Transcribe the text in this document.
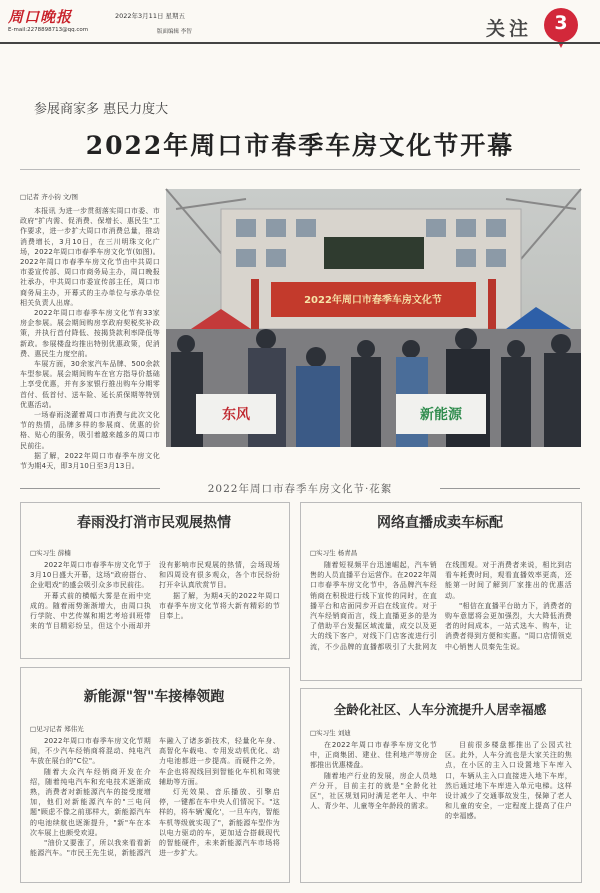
周口晚报
E-mail:2278898713@qq.com
2022年3月11日 星期五
版面编辑 李智	关注 3
参展商家多 惠民力度大
2022年周口市春季车房文化节开幕
□记者 齐小钧 文/图

本报讯 为进一步贯彻落实周口市委、市政府"扩内需、促消费、保增长、惠民生"工作要求，进一步扩大周口市消费总量，推动消费增长，3月10日，在三川明珠文化广场，2022年周口市春季车房文化节(如图)。2022年周口市春季车房文化节由中共周口市委宣传部、周口市商务局主办，周口晚报社承办，中共周口市委宣传部主任，周口市商务局主办，开幕式的主办单位与承办单位相关负责人出席。

2022年周口市春季车房文化节有33家房企参展。展会期间购房享政府契税奖补政策，并执行首付降低、按揭贷款利率降低等新政。参展楼盘均推出特别优惠政策，促消费、惠民生力度空前。

车展方面，30余家汽车品牌、500余款车型参展。展会期间购车在官方指导价基础上享受优惠，并有多家银行推出购车分期零首付、低首付、送车险、延长质保期等特别优惠活动。

一场春雨浇灌着周口市消费与此次文化节的热情，品牌多样的参展商、优惠的价格、贴心的服务，吸引着越来越多的周口市民前往。

据了解，2022年周口市春季车房文化节为期4天，即3月10日至3月13日。

2022年周口市春季车房文化节
东风	新能源
2022年周口市春季车房文化节·花絮
春雨没打消市民观展热情
□实习生 薛楠

2022年周口市春季车房文化节于3月10日盛大开幕，这场"政府搭台、企业唱戏"的盛会吸引众多市民前往。

开幕式前的横幅大雾是在雨中完成的。随着雨势渐渐增大，由周口执行学院、中艺传媒和期艺考培训班带来的节目精彩纷呈，但这个小雨却并没有影响市民观展的热情，会场现场和四周设有很多观众，各个市民纷纷打开伞认真欣赏节目。

据了解，为期4天的2022年周口市春季车房文化节将大新有精彩的节目奉上。

新能源"智"车接棒领跑
□见习记者 郑伟光

2022年周口市春季车房文化节期间，不少汽车经销商将混动、纯电汽车放在展台的"C位"。

随着大众汽车经销商开发在介绍，随着纯电汽车和充电技术逐渐成熟，消费者对新能源汽车的接受度增加，他们对新能源汽车的"三电问题"顾虑不像之前那样大，新能源汽车的电池续航也逐渐提升，"新"车在本次车展上也颇受欢迎。

"油价又要涨了，所以我来看看新能源汽车。"市民王先生说，新能源汽车融入了诸多新技术，轻量化车身、高智化车载电、专用发动机优化、动力电池都进一步提高。而硬件之外，车企也将视线回到智能化车机和驾驶辅助等方面。

灯光效果、音乐播放、引擎启停，一键都在车中央人们情况下。"这样的，将车辆'魔化'，一旦车内，智能车机等级就实现了"，新能源车型作为以电力驱动的车，更加适合搭载现代的智能硬件，未来新能源汽车市场将进一步扩大。

网络直播成卖车标配
□实习生 杨青昌

随着短视频平台迅速崛起，汽车销售的人员直播平台运营作。在2022年周口市春季车房文化节中，各品牌汽车经销商在积极进行线下宣传的同时，在直播平台和店面同步开启在线宣传。对于汽车经销商而言，线上直播更多的是为了借助平台发掘区域流量，成交以及更大的线下客户，对线下门店客流进行引流，不少品牌的直播都吸引了大批网友在线围观。对于消费者来说，相比到店看车耗费时间，观看直播效率更高，还能第一时间了解到厂家推出的优惠活动。

"相信在直播平台助力下，消费者的购车意愿将会更加强烈，大大降低消费者的时间成本，一站式选车、购车，让消费者得到方便和实惠。"周口店情领克中心销售人员秦先生说。

全龄化社区、人车分流提升人居幸福感
□实习生 刘迪

在2022年周口市春季车房文化节中，正商集团、建业、佳利地产等房企都推出优惠楼盘。

随着地产行业的发展，房企人员地产分开，目前主打的就是"全龄化社区"，社区规划同时满足老年人、中年人、青少年、儿童等全年龄段的需求。

目前很多楼盘都推出了公园式社区。此外，人车分流也是大家关注的焦点，在小区的主入口设置地下车库入口，车辆从主入口直接进入地下车库，然后通过地下车库进入单元电梯。这样设计减少了交通事故发生，保障了老人和儿童的安全，一定程度上提高了住户的幸福感。
